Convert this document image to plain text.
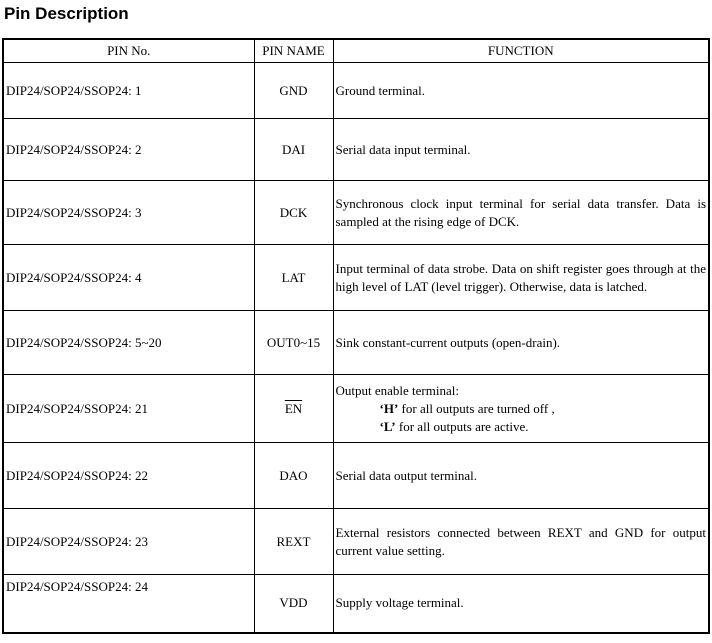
Pin Description
PIN No.	PIN NAME	FUNCTION
DIP24/SOP24/SSOP24: 1	GND	Ground terminal.
DIP24/SOP24/SSOP24: 2	DAI	Serial data input terminal.
DIP24/SOP24/SSOP24: 3	DCK	Synchronous clock input terminal for serial data transfer. Data is sampled at the rising edge of DCK.
DIP24/SOP24/SSOP24: 4	LAT	Input terminal of data strobe. Data on shift register goes through at the high level of LAT (level trigger). Otherwise, data is latched.
DIP24/SOP24/SSOP24: 5~20	OUT0~15	Sink constant-current outputs (open-drain).
DIP24/SOP24/SSOP24: 21	$\overline{EN}$	Output enable terminal:
‘H’ for all outputs are turned off ,
‘L’ for all outputs are active.

DIP24/SOP24/SSOP24: 22	DAO	Serial data output terminal.
DIP24/SOP24/SSOP24: 23	REXT	External resistors connected between REXT and GND for output current value setting.
DIP24/SOP24/SSOP24: 24	VDD	Supply voltage terminal.
